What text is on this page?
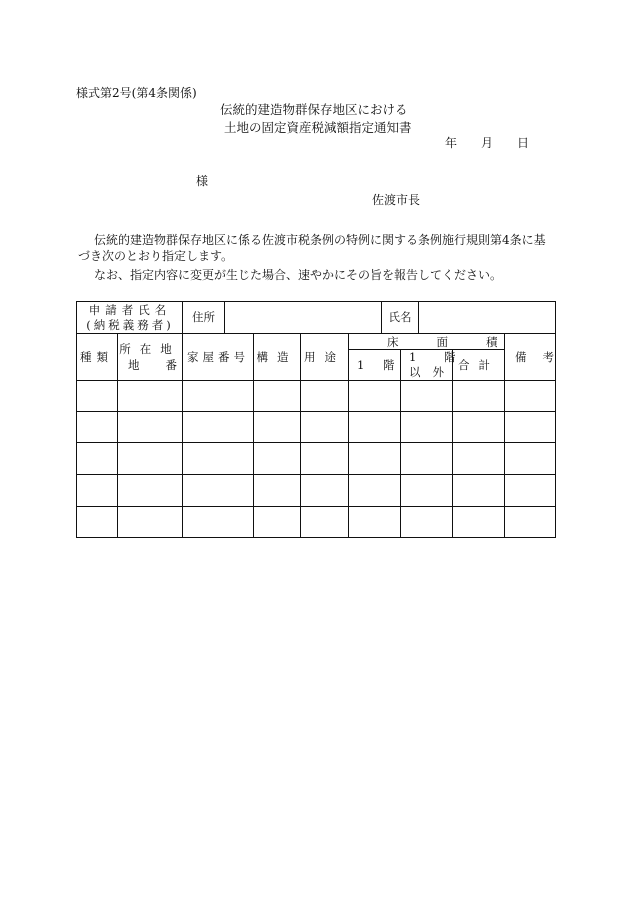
様式第2号(第4条関係)
伝統的建造物群保存地区における
土地の固定資産税減額指定通知書
年 月 日
様
佐渡市長
伝統的建造物群保存地区に係る佐渡市税条例の特例に関する条例施行規則第4条に基
づき次のとおり指定します。
なお、指定内容に変更が生じた場合、速やかにその旨を報告してください。
申請者氏名
(納税義務者)
住所	氏名
種類
所在地
地番
家屋番号 構造 用途
床面積
1 階
1 階
以外 合計
備考
